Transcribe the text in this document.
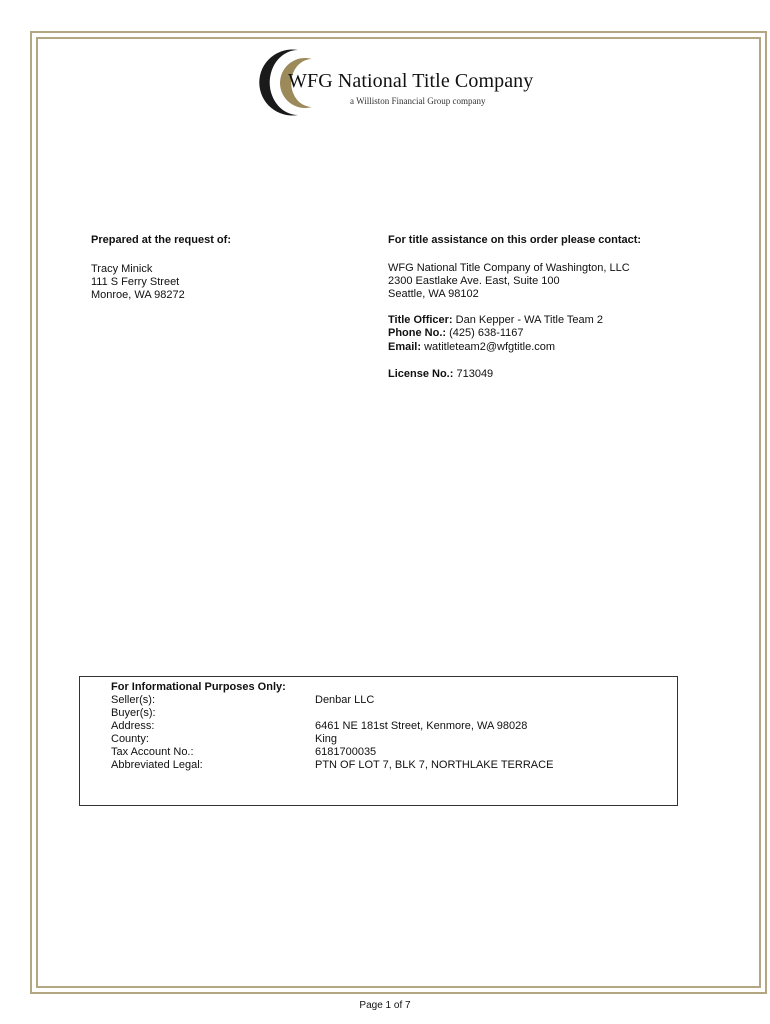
WFG National Title Company
a Williston Financial Group company
Prepared at the request of:
Tracy Minick
111 S Ferry Street
Monroe, WA 98272
For title assistance on this order please contact:
WFG National Title Company of Washington, LLC
2300 Eastlake Ave. East, Suite 100
Seattle, WA 98102
Title Officer: Dan Kepper - WA Title Team 2
Phone No.: (425) 638-1167
Email: watitleteam2@wfgtitle.com
License No.: 713049
For Informational Purposes Only:
Seller(s):	Denbar LLC
Buyer(s):
Address:	6461 NE 181st Street, Kenmore, WA 98028
County:	King
Tax Account No.:	6181700035
Abbreviated Legal:	PTN OF LOT 7, BLK 7, NORTHLAKE TERRACE
Page 1 of 7
